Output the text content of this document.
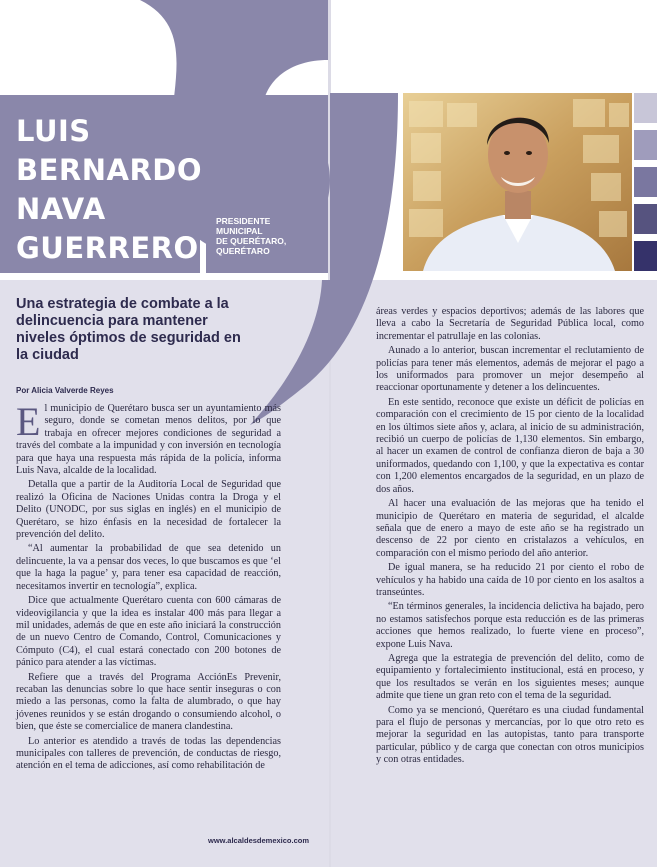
LUIS
BERNARDO
NAVA
GUERRERO
PRESIDENTE
MUNICIPAL
DE QUERÉTARO,
QUERÉTARO
Una estrategia de combate a la delincuencia para mantener niveles óptimos de seguridad en la ciudad
Por Alicia Valverde Reyes

El municipio de Querétaro busca ser un ayuntamiento más seguro, donde se cometan menos delitos, por lo que trabaja en ofrecer mejores condiciones de seguridad a través del combate a la impunidad y con inversión en tecnología para que haya una respuesta más rápida de la policía, informa Luis Nava, alcalde de la localidad.

Detalla que a partir de la Auditoría Local de Seguridad que realizó la Oficina de Naciones Unidas contra la Droga y el Delito (UNODC, por sus siglas en inglés) en el municipio de Querétaro, se hizo énfasis en la necesidad de fortalecer la prevención del delito.

“Al aumentar la probabilidad de que sea detenido un delincuente, la va a pensar dos veces, lo que buscamos es que ‘el que la haga la pague’ y, para tener esa capacidad de reacción, necesitamos invertir en tecnología”, explica.

Dice que actualmente Querétaro cuenta con 600 cámaras de videovigilancia y que la idea es instalar 400 más para llegar a mil unidades, además de que en este año iniciará la construcción de un nuevo Centro de Comando, Control, Comunicaciones y Cómputo (C4), el cual estará conectado con 200 botones de pánico para atender a las víctimas.

Refiere que a través del Programa AcciónEs Prevenir, recaban las denuncias sobre lo que hace sentir inseguras o con miedo a las personas, como la falta de alumbrado, o que hay jóvenes reunidos y se están drogando o consumiendo alcohol, o bien, que éste se comercialice de manera clandestina.

Lo anterior es atendido a través de todas las dependencias municipales con talleres de prevención, de conductas de riesgo, atención en el tema de adicciones, así como rehabilitación de

áreas verdes y espacios deportivos; además de las labores que lleva a cabo la Secretaría de Seguridad Pública local, como incrementar el patrullaje en las colonias.

Aunado a lo anterior, buscan incrementar el reclutamiento de policías para tener más elementos, además de mejorar el pago a los uniformados para promover un mejor desempeño al reaccionar oportunamente y detener a los delincuentes.

En este sentido, reconoce que existe un déficit de policías en comparación con el crecimiento de 15 por ciento de la localidad en los últimos siete años y, aclara, al inicio de su administración, recibió un cuerpo de policías de 1,130 elementos. Sin embargo, al hacer un examen de control de confianza dieron de baja a 30 uniformados, quedando con 1,100, y que la expectativa es contar con 1,200 elementos encargados de la seguridad, en un plazo de dos años.

Al hacer una evaluación de las mejoras que ha tenido el municipio de Querétaro en materia de seguridad, el alcalde señala que de enero a mayo de este año se ha registrado un descenso de 22 por ciento en cristalazos a vehículos, en comparación con el mismo periodo del año anterior.

De igual manera, se ha reducido 21 por ciento el robo de vehículos y ha habido una caída de 10 por ciento en los asaltos a transeúntes.

“En términos generales, la incidencia delictiva ha bajado, pero no estamos satisfechos porque esta reducción es de las primeras acciones que hemos realizado, lo fuerte viene en proceso”, expone Luis Nava.

Agrega que la estrategia de prevención del delito, como de equipamiento y fortalecimiento institucional, está en proceso, y que los resultados se verán en los siguientes meses; aunque admite que tiene un gran reto con el tema de la seguridad.

Como ya se mencionó, Querétaro es una ciudad fundamental para el flujo de personas y mercancías, por lo que otro reto es mejorar la seguridad en las autopistas, tanto para transporte particular, público y de carga que conectan con otros municipios y con otras entidades.

www.alcaldesdemexico.com
